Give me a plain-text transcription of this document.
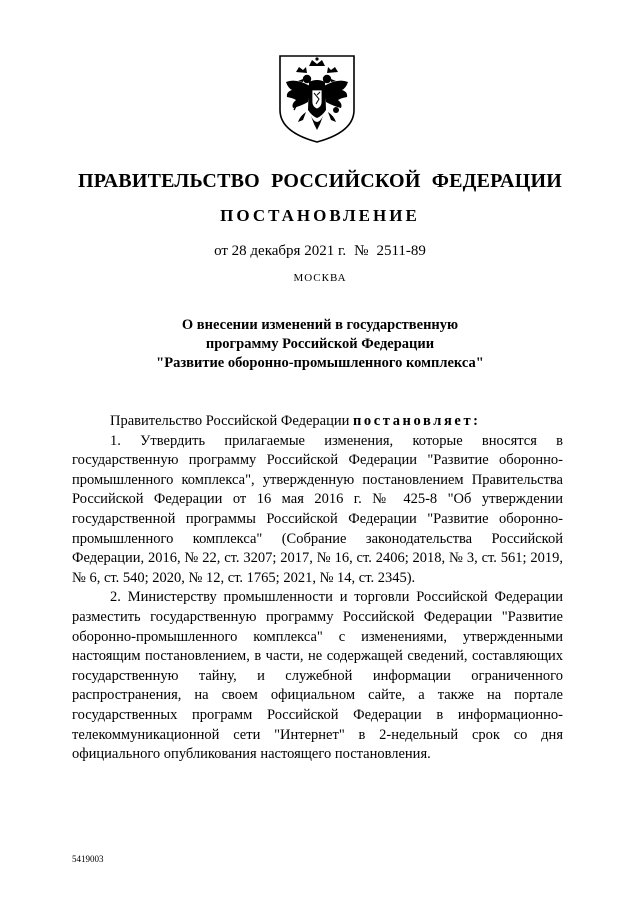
ПРАВИТЕЛЬСТВО РОССИЙСКОЙ ФЕДЕРАЦИИ
ПОСТАНОВЛЕНИЕ
от 28 декабря 2021 г. № 2511-89
МОСКВА
О внесении изменений в государственную
программу Российской Федерации
"Развитие оборонно-промышленного комплекса"

Правительство Российской Федерации постановляет:

1. Утвердить прилагаемые изменения, которые вносятся в государственную программу Российской Федерации "Развитие оборонно-промышленного комплекса", утвержденную постановлением Правительства Российской Федерации от 16 мая 2016 г. № 425-8 "Об утверждении государственной программы Российской Федерации "Развитие оборонно-промышленного комплекса" (Собрание законодательства Российской Федерации, 2016, № 22, ст. 3207; 2017, № 16, ст. 2406; 2018, № 3, ст. 561; 2019, № 6, ст. 540; 2020, № 12, ст. 1765; 2021, № 14, ст. 2345).

2. Министерству промышленности и торговли Российской Федерации разместить государственную программу Российской Федерации "Развитие оборонно-промышленного комплекса" с изменениями, утвержденными настоящим постановлением, в части, не содержащей сведений, составляющих государственную тайну, и служебной информации ограниченного распространения, на своем официальном сайте, а также на портале государственных программ Российской Федерации в информационно-телекоммуникационной сети "Интернет" в 2-недельный срок со дня официального опубликования настоящего постановления.

5419003
